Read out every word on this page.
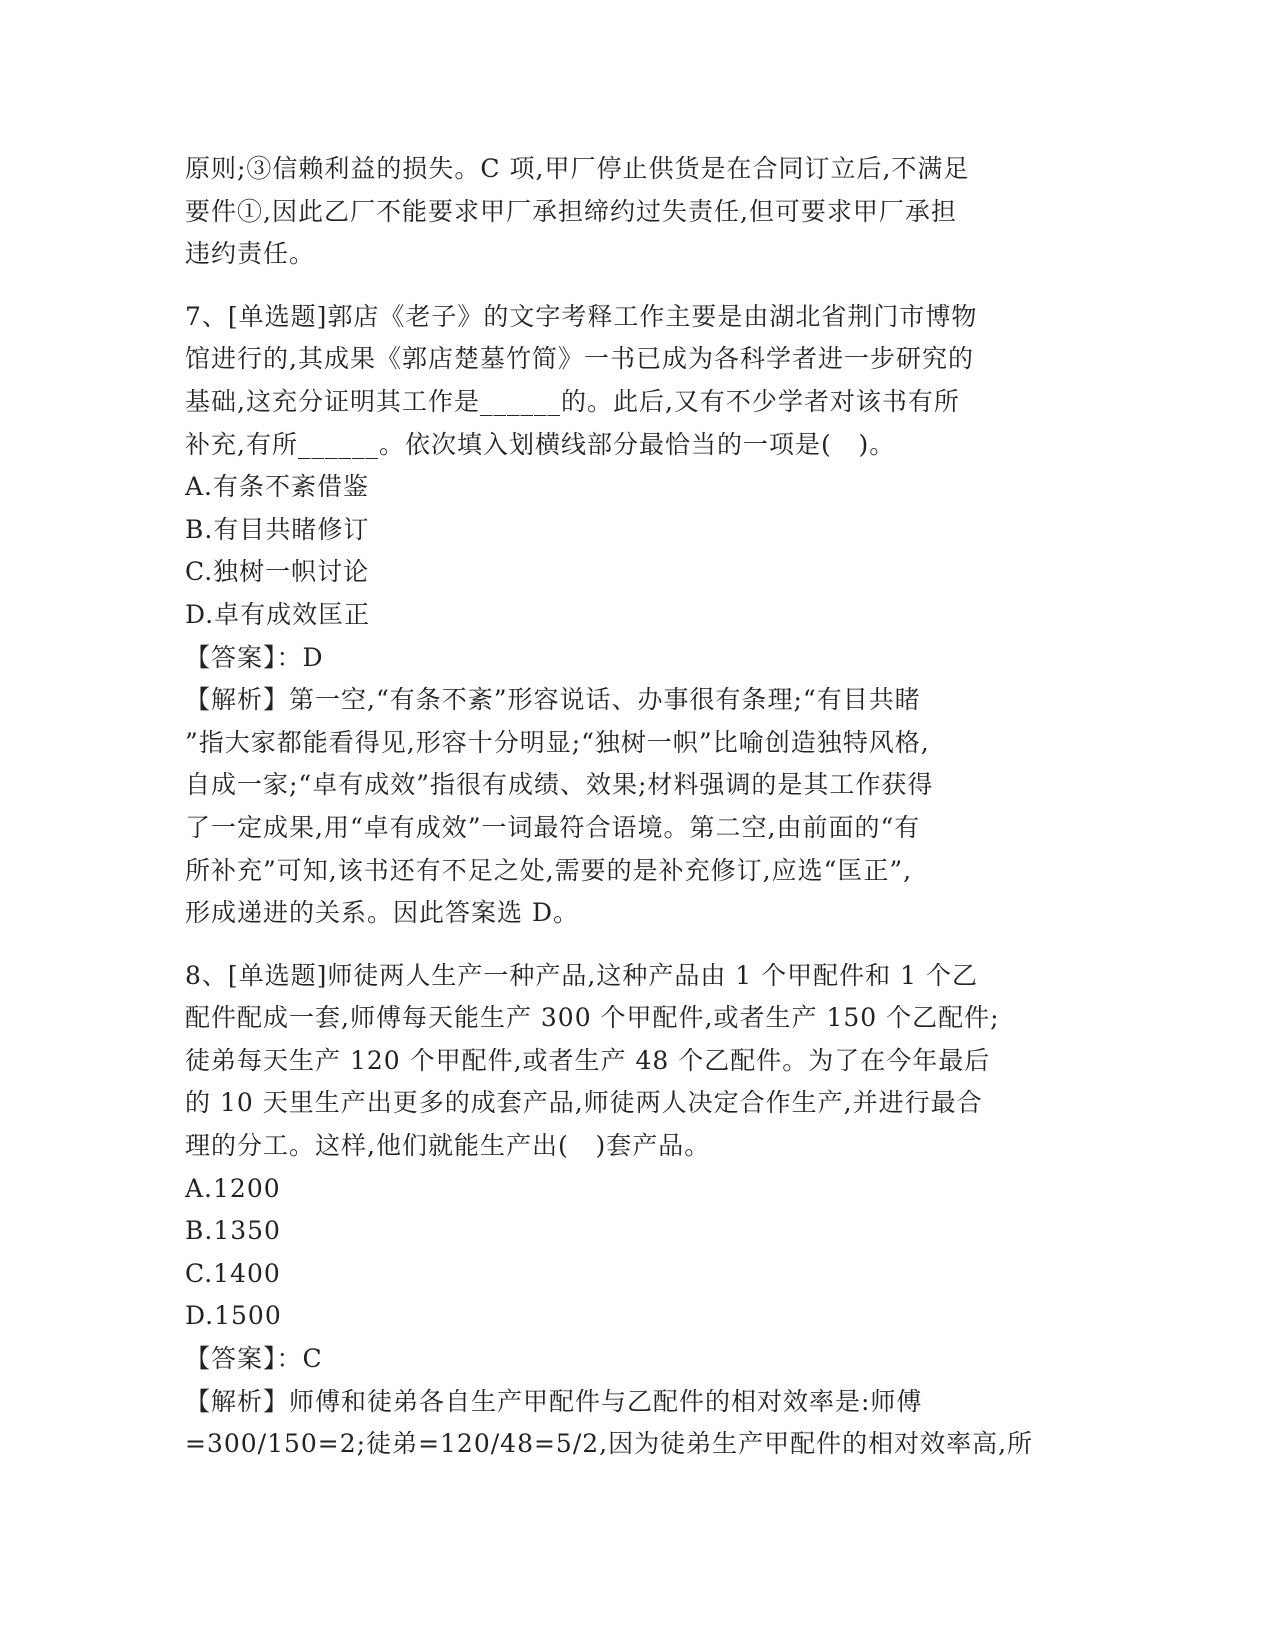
原则;③信赖利益的损失。C 项,甲厂停止供货是在合同订立后,不满足
要件①,因此乙厂不能要求甲厂承担缔约过失责任,但可要求甲厂承担
违约责任。
7、[单选题]郭店《老子》的文字考释工作主要是由湖北省荆门市博物
馆进行的,其成果《郭店楚墓竹简》一书已成为各科学者进一步研究的
基础,这充分证明其工作是______的。此后,又有不少学者对该书有所
补充,有所______。依次填入划横线部分最恰当的一项是(   )。
A.有条不紊借鉴
B.有目共睹修订
C.独树一帜讨论
D.卓有成效匡正
【答案】：D
【解析】第一空,“有条不紊”形容说话、办事很有条理;“有目共睹
”指大家都能看得见,形容十分明显;“独树一帜”比喻创造独特风格,
自成一家;“卓有成效”指很有成绩、效果;材料强调的是其工作获得
了一定成果,用“卓有成效”一词最符合语境。第二空,由前面的“有
所补充”可知,该书还有不足之处,需要的是补充修订,应选“匡正”,
形成递进的关系。因此答案选 D。
8、[单选题]师徒两人生产一种产品,这种产品由 1 个甲配件和 1 个乙
配件配成一套,师傅每天能生产 300 个甲配件,或者生产 150 个乙配件;
徒弟每天生产 120 个甲配件,或者生产 48 个乙配件。为了在今年最后
的 10 天里生产出更多的成套产品,师徒两人决定合作生产,并进行最合
理的分工。这样,他们就能生产出(   )套产品。
A.1200
B.1350
C.1400
D.1500
【答案】：C
【解析】师傅和徒弟各自生产甲配件与乙配件的相对效率是:师傅
=300/150=2;徒弟=120/48=5/2,因为徒弟生产甲配件的相对效率高,所
